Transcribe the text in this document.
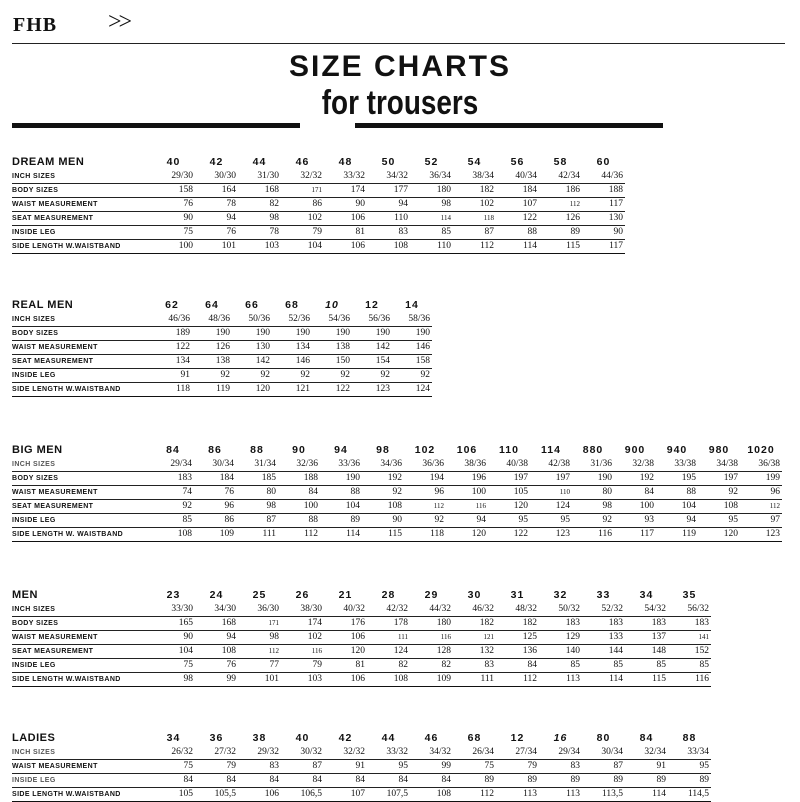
FHB >>
SIZE CHARTS
for trousers
DREAM MEN	40	42	44	46	48	50	52	54	56	58	60
INCH SIZES	29/30	30/30	31/30	32/32	33/32	34/32	36/34	38/34	40/34	42/34	44/36
BODY SIZES	158	164	168	171	174	177	180	182	184	186	188
WAIST MEASUREMENT	76	78	82	86	90	94	98	102	107	112	117
SEAT MEASUREMENT	90	94	98	102	106	110	114	118	122	126	130
INSIDE LEG	75	76	78	79	81	83	85	87	88	89	90
SIDE LENGTH W.WAISTBAND	100	101	103	104	106	108	110	112	114	115	117
REAL MEN	62	64	66	68	10	12	14
INCH SIZES	46/36	48/36	50/36	52/36	54/36	56/36	58/36
BODY SIZES	189	190	190	190	190	190	190
WAIST MEASUREMENT	122	126	130	134	138	142	146
SEAT MEASUREMENT	134	138	142	146	150	154	158
INSIDE LEG	91	92	92	92	92	92	92
SIDE LENGTH W.WAISTBAND	118	119	120	121	122	123	124
BIG MEN	84	86	88	90	94	98	102	106	110	114	880	900	940	980	1020
INCH SIZES	29/34	30/34	31/34	32/36	33/36	34/36	36/36	38/36	40/38	42/38	31/36	32/38	33/38	34/38	36/38
BODY SIZES	183	184	185	188	190	192	194	196	197	197	190	192	195	197	199
WAIST MEASUREMENT	74	76	80	84	88	92	96	100	105	110	80	84	88	92	96
SEAT MEASUREMENT	92	96	98	100	104	108	112	116	120	124	98	100	104	108	112
INSIDE LEG	85	86	87	88	89	90	92	94	95	95	92	93	94	95	97
SIDE LENGTH W. WAISTBAND	108	109	111	112	114	115	118	120	122	123	116	117	119	120	123
MEN	23	24	25	26	21	28	29	30	31	32	33	34	35
INCH SIZES	33/30	34/30	36/30	38/30	40/32	42/32	44/32	46/32	48/32	50/32	52/32	54/32	56/32
BODY SIZES	165	168	171	174	176	178	180	182	182	183	183	183	183
WAIST MEASUREMENT	90	94	98	102	106	111	116	121	125	129	133	137	141
SEAT MEASUREMENT	104	108	112	116	120	124	128	132	136	140	144	148	152
INSIDE LEG	75	76	77	79	81	82	82	83	84	85	85	85	85
SIDE LENGTH W.WAISTBAND	98	99	101	103	106	108	109	111	112	113	114	115	116
LADIES	34	36	38	40	42	44	46	68	12	16	80	84	88
INCH SIZES	26/32	27/32	29/32	30/32	32/32	33/32	34/32	26/34	27/34	29/34	30/34	32/34	33/34
WAIST MEASUREMENT	75	79	83	87	91	95	99	75	79	83	87	91	95
INSIDE LEG	84	84	84	84	84	84	84	89	89	89	89	89	89
SIDE LENGTH W.WAISTBAND	105	105,5	106	106,5	107	107,5	108	112	113	113	113,5	114	114,5
